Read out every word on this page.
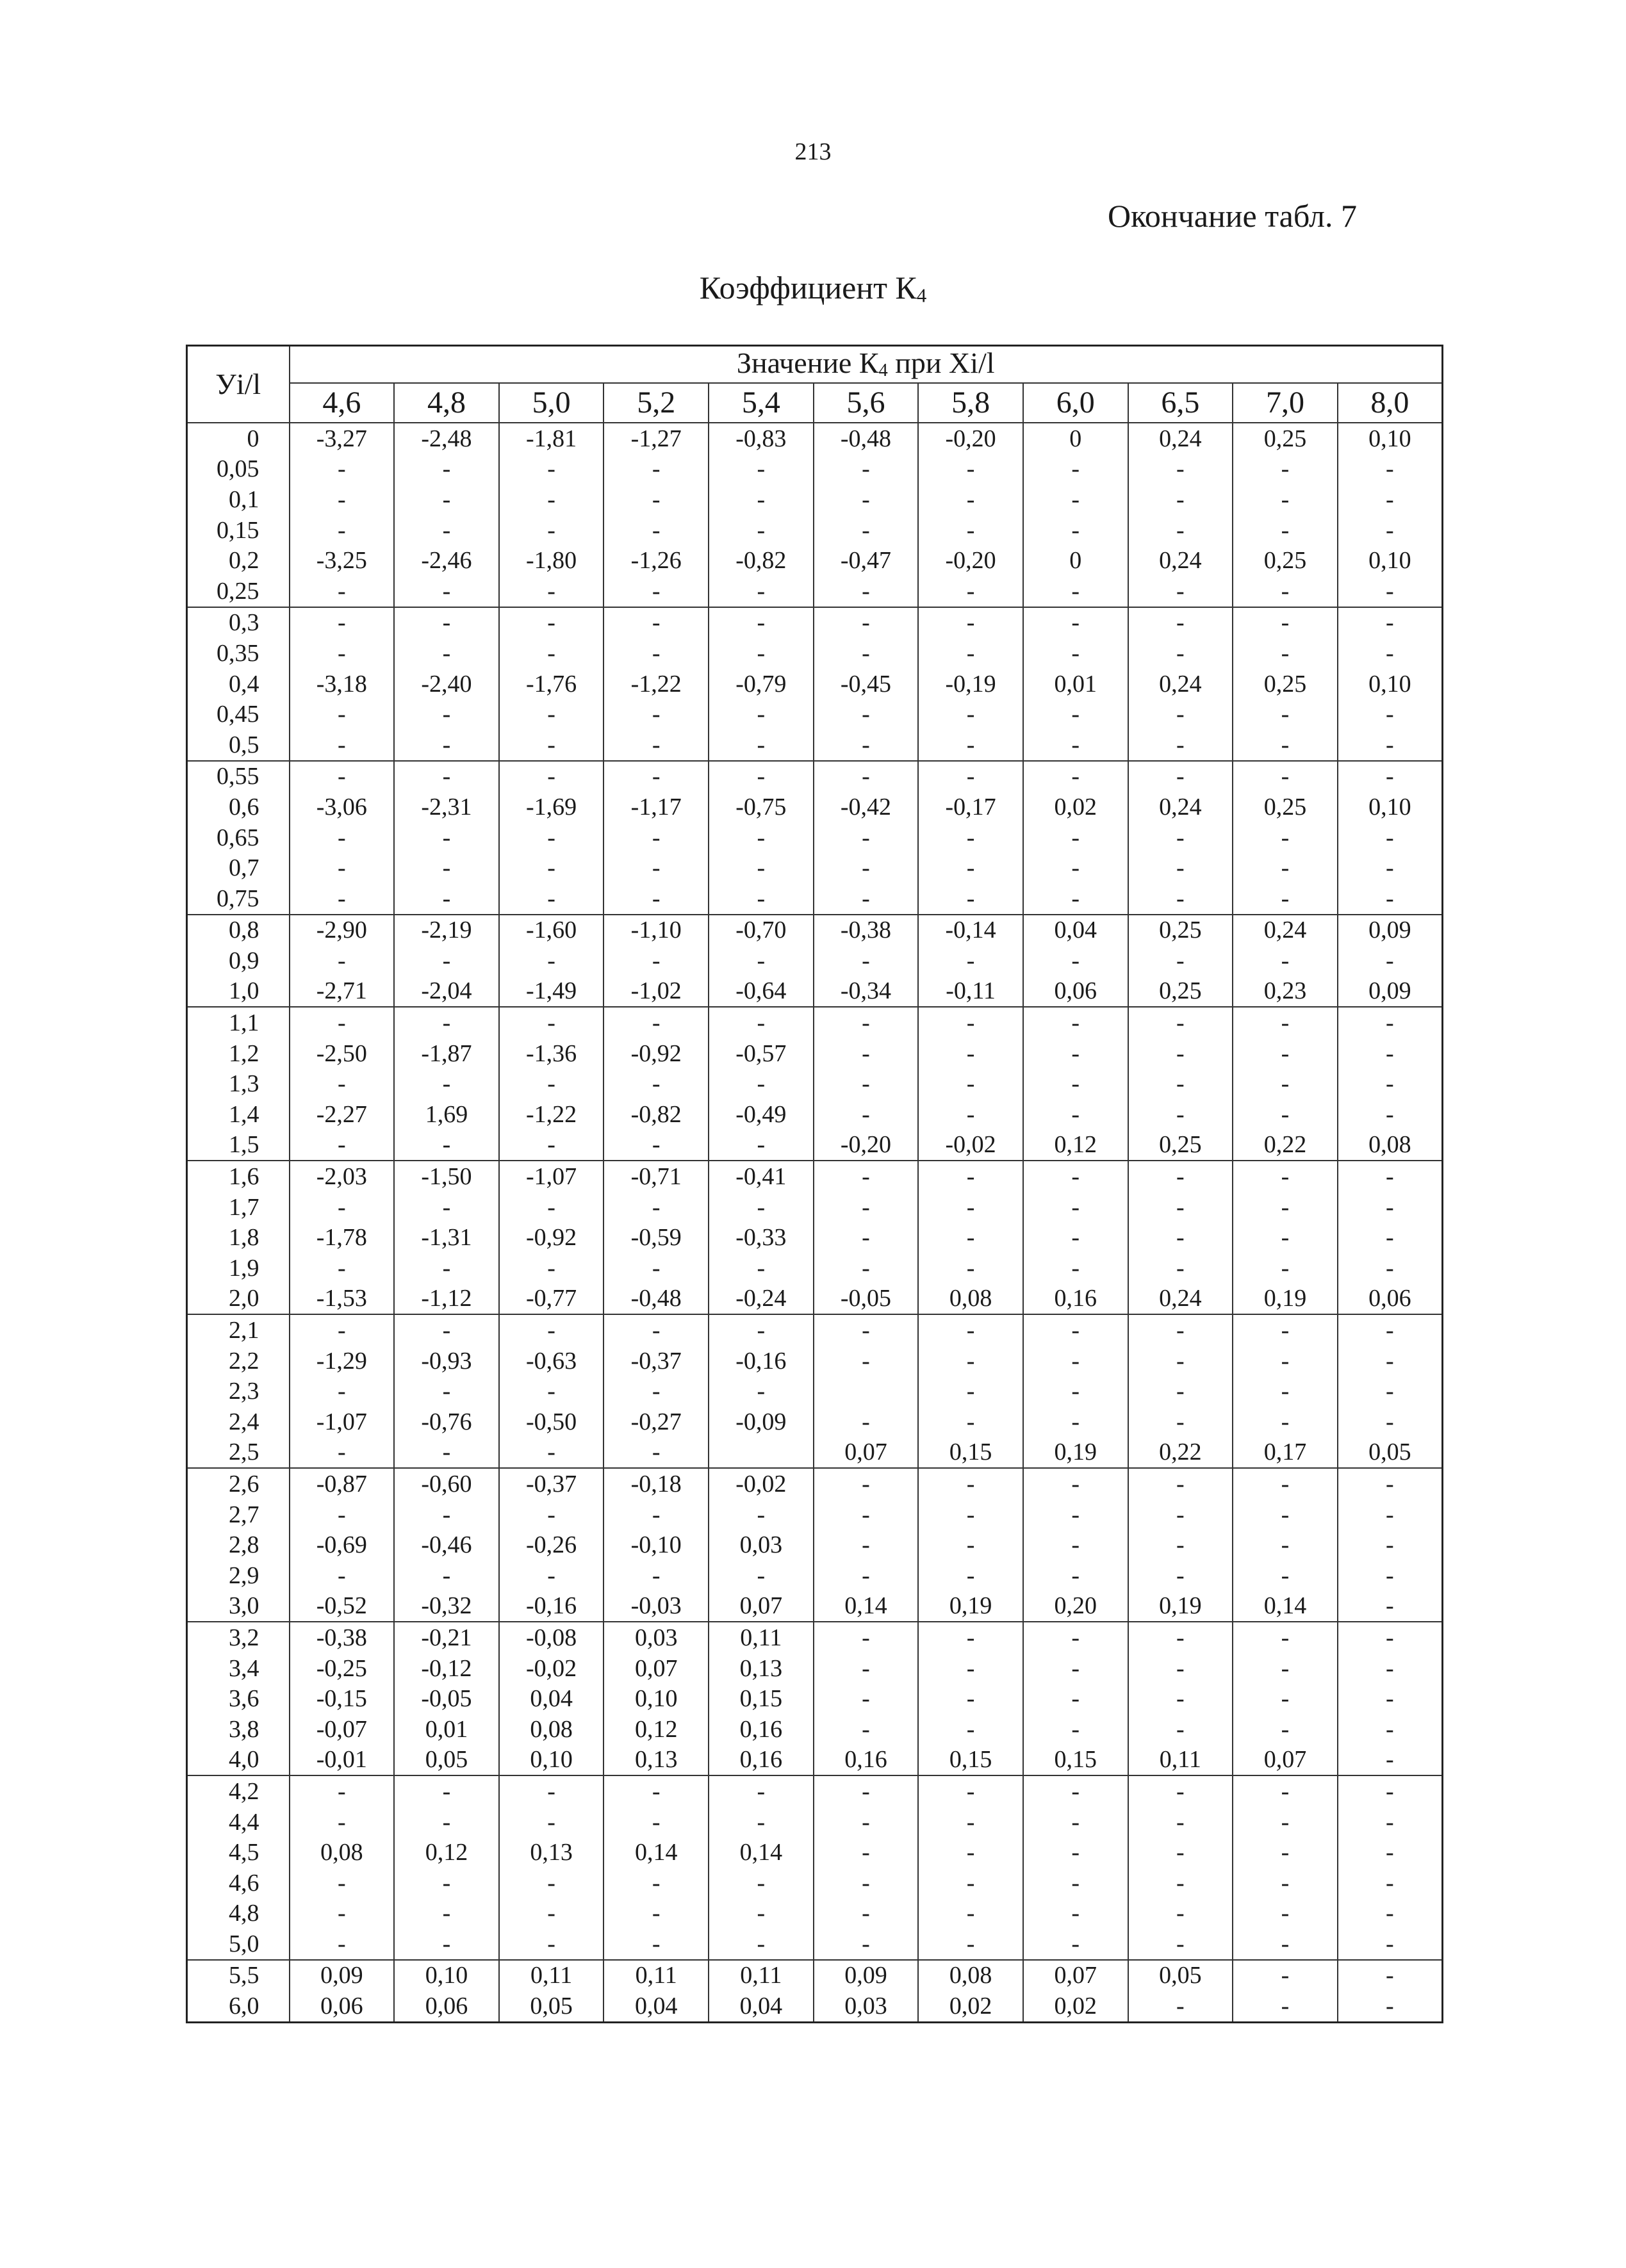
213
Окончание табл. 7
Коэффициент $К_4$
Уi/l	Значение $К_4$ при Xi/l										
	4,6	4,8	5,0	5,2	5,4	5,6	5,8	6,0	6,5	7,0	8,0
0	-3,27	-2,48	-1,81	-1,27	-0,83	-0,48	-0,20	0	0,24	0,25	0,10
0,05	-	-	-	-	-	-	-	-	-	-	-
0,1	-	-	-	-	-	-	-	-	-	-	-
0,15	-	-	-	-	-	-	-	-	-	-	-
0,2	-3,25	-2,46	-1,80	-1,26	-0,82	-0,47	-0,20	0	0,24	0,25	0,10
0,25	-	-	-	-	-	-	-	-	-	-	-
0,3	-	-	-	-	-	-	-	-	-	-	-
0,35	-	-	-	-	-	-	-	-	-	-	-
0,4	-3,18	-2,40	-1,76	-1,22	-0,79	-0,45	-0,19	0,01	0,24	0,25	0,10
0,45	-	-	-	-	-	-	-	-	-	-	-
0,5	-	-	-	-	-	-	-	-	-	-	-
0,55	-	-	-	-	-	-	-	-	-	-	-
0,6	-3,06	-2,31	-1,69	-1,17	-0,75	-0,42	-0,17	0,02	0,24	0,25	0,10
0,65	-	-	-	-	-	-	-	-	-	-	-
0,7	-	-	-	-	-	-	-	-	-	-	-
0,75	-	-	-	-	-	-	-	-	-	-	-
0,8	-2,90	-2,19	-1,60	-1,10	-0,70	-0,38	-0,14	0,04	0,25	0,24	0,09
0,9	-	-	-	-	-	-	-	-	-	-	-
1,0	-2,71	-2,04	-1,49	-1,02	-0,64	-0,34	-0,11	0,06	0,25	0,23	0,09
1,1	-	-	-	-	-	-	-	-	-	-	-
1,2	-2,50	-1,87	-1,36	-0,92	-0,57	-	-	-	-	-	-
1,3	-	-	-	-	-	-	-	-	-	-	-
1,4	-2,27	1,69	-1,22	-0,82	-0,49	-	-	-	-	-	-
1,5	-	-	-	-	-	-0,20	-0,02	0,12	0,25	0,22	0,08
1,6	-2,03	-1,50	-1,07	-0,71	-0,41	-	-	-	-	-	-
1,7	-	-	-	-	-	-	-	-	-	-	-
1,8	-1,78	-1,31	-0,92	-0,59	-0,33	-	-	-	-	-	-
1,9	-	-	-	-	-	-	-	-	-	-	-
2,0	-1,53	-1,12	-0,77	-0,48	-0,24	-0,05	0,08	0,16	0,24	0,19	0,06
2,1	-	-	-	-	-	-	-	-	-	-	-
2,2	-1,29	-0,93	-0,63	-0,37	-0,16	-	-	-	-	-	-
2,3	-	-	-	-	-		-	-	-	-	-
2,4	-1,07	-0,76	-0,50	-0,27	-0,09	-	-	-	-	-	-
2,5	-	-	-	-		0,07	0,15	0,19	0,22	0,17	0,05
2,6	-0,87	-0,60	-0,37	-0,18	-0,02	-	-	-	-	-	-
2,7	-	-	-	-	-	-	-	-	-	-	-
2,8	-0,69	-0,46	-0,26	-0,10	0,03	-	-	-	-	-	-
2,9	-	-	-	-	-	-	-	-	-	-	-
3,0	-0,52	-0,32	-0,16	-0,03	0,07	0,14	0,19	0,20	0,19	0,14	-
3,2	-0,38	-0,21	-0,08	0,03	0,11	-	-	-	-	-	-
3,4	-0,25	-0,12	-0,02	0,07	0,13	-	-	-	-	-	-
3,6	-0,15	-0,05	0,04	0,10	0,15	-	-	-	-	-	-
3,8	-0,07	0,01	0,08	0,12	0,16	-	-	-	-	-	-
4,0	-0,01	0,05	0,10	0,13	0,16	0,16	0,15	0,15	0,11	0,07	-
4,2	-	-	-	-	-	-	-	-	-	-	-
4,4	-	-	-	-	-	-	-	-	-	-	-
4,5	0,08	0,12	0,13	0,14	0,14	-	-	-	-	-	-
4,6	-	-	-	-	-	-	-	-	-	-	-
4,8	-	-	-	-	-	-	-	-	-	-	-
5,0	-	-	-	-	-	-	-	-	-	-	-
5,5	0,09	0,10	0,11	0,11	0,11	0,09	0,08	0,07	0,05	-	-
6,0	0,06	0,06	0,05	0,04	0,04	0,03	0,02	0,02	-	-	-
